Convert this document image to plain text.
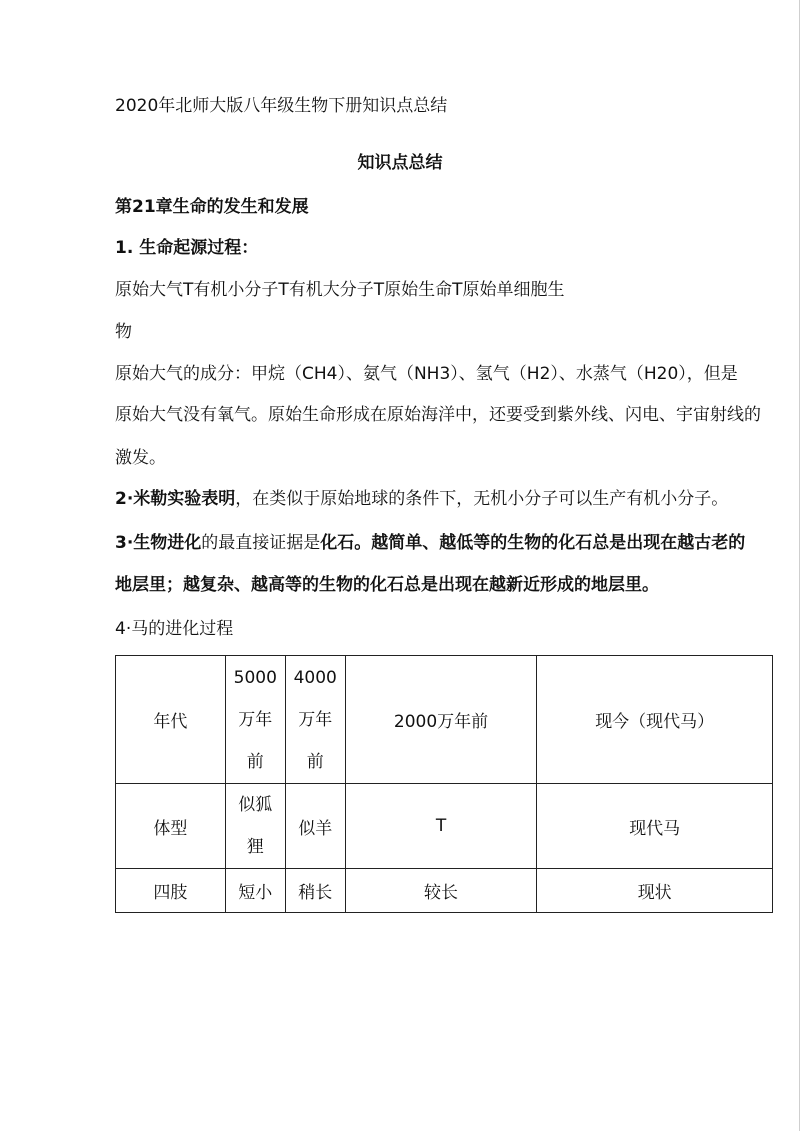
2020年北师大版八年级生物下册知识点总结
知识点总结
第21章生命的发生和发展
1. 生命起源过程：
原始大气T有机小分子T有机大分子T原始生命T原始单细胞生
物
原始大气的成分：甲烷（CH4）、氨气（NH3）、氢气（H2）、水蒸气（H20），但是
原始大气没有氧气。原始生命形成在原始海洋中，还要受到紫外线、闪电、宇宙射线的
激发。
2·米勒实验表明，在类似于原始地球的条件下，无机小分子可以生产有机小分子。
3·生物进化的最直接证据是化石。越简单、越低等的生物的化石总是出现在越古老的
地层里；越复杂、越高等的生物的化石总是出现在越新近形成的地层里。
4·马的进化过程
年代	5000
万年
前	4000
万年
前	2000万年前	现今（现代马）
体型	似狐
狸	似羊	T	现代马
四肢	短小	稍长	较长	现状
